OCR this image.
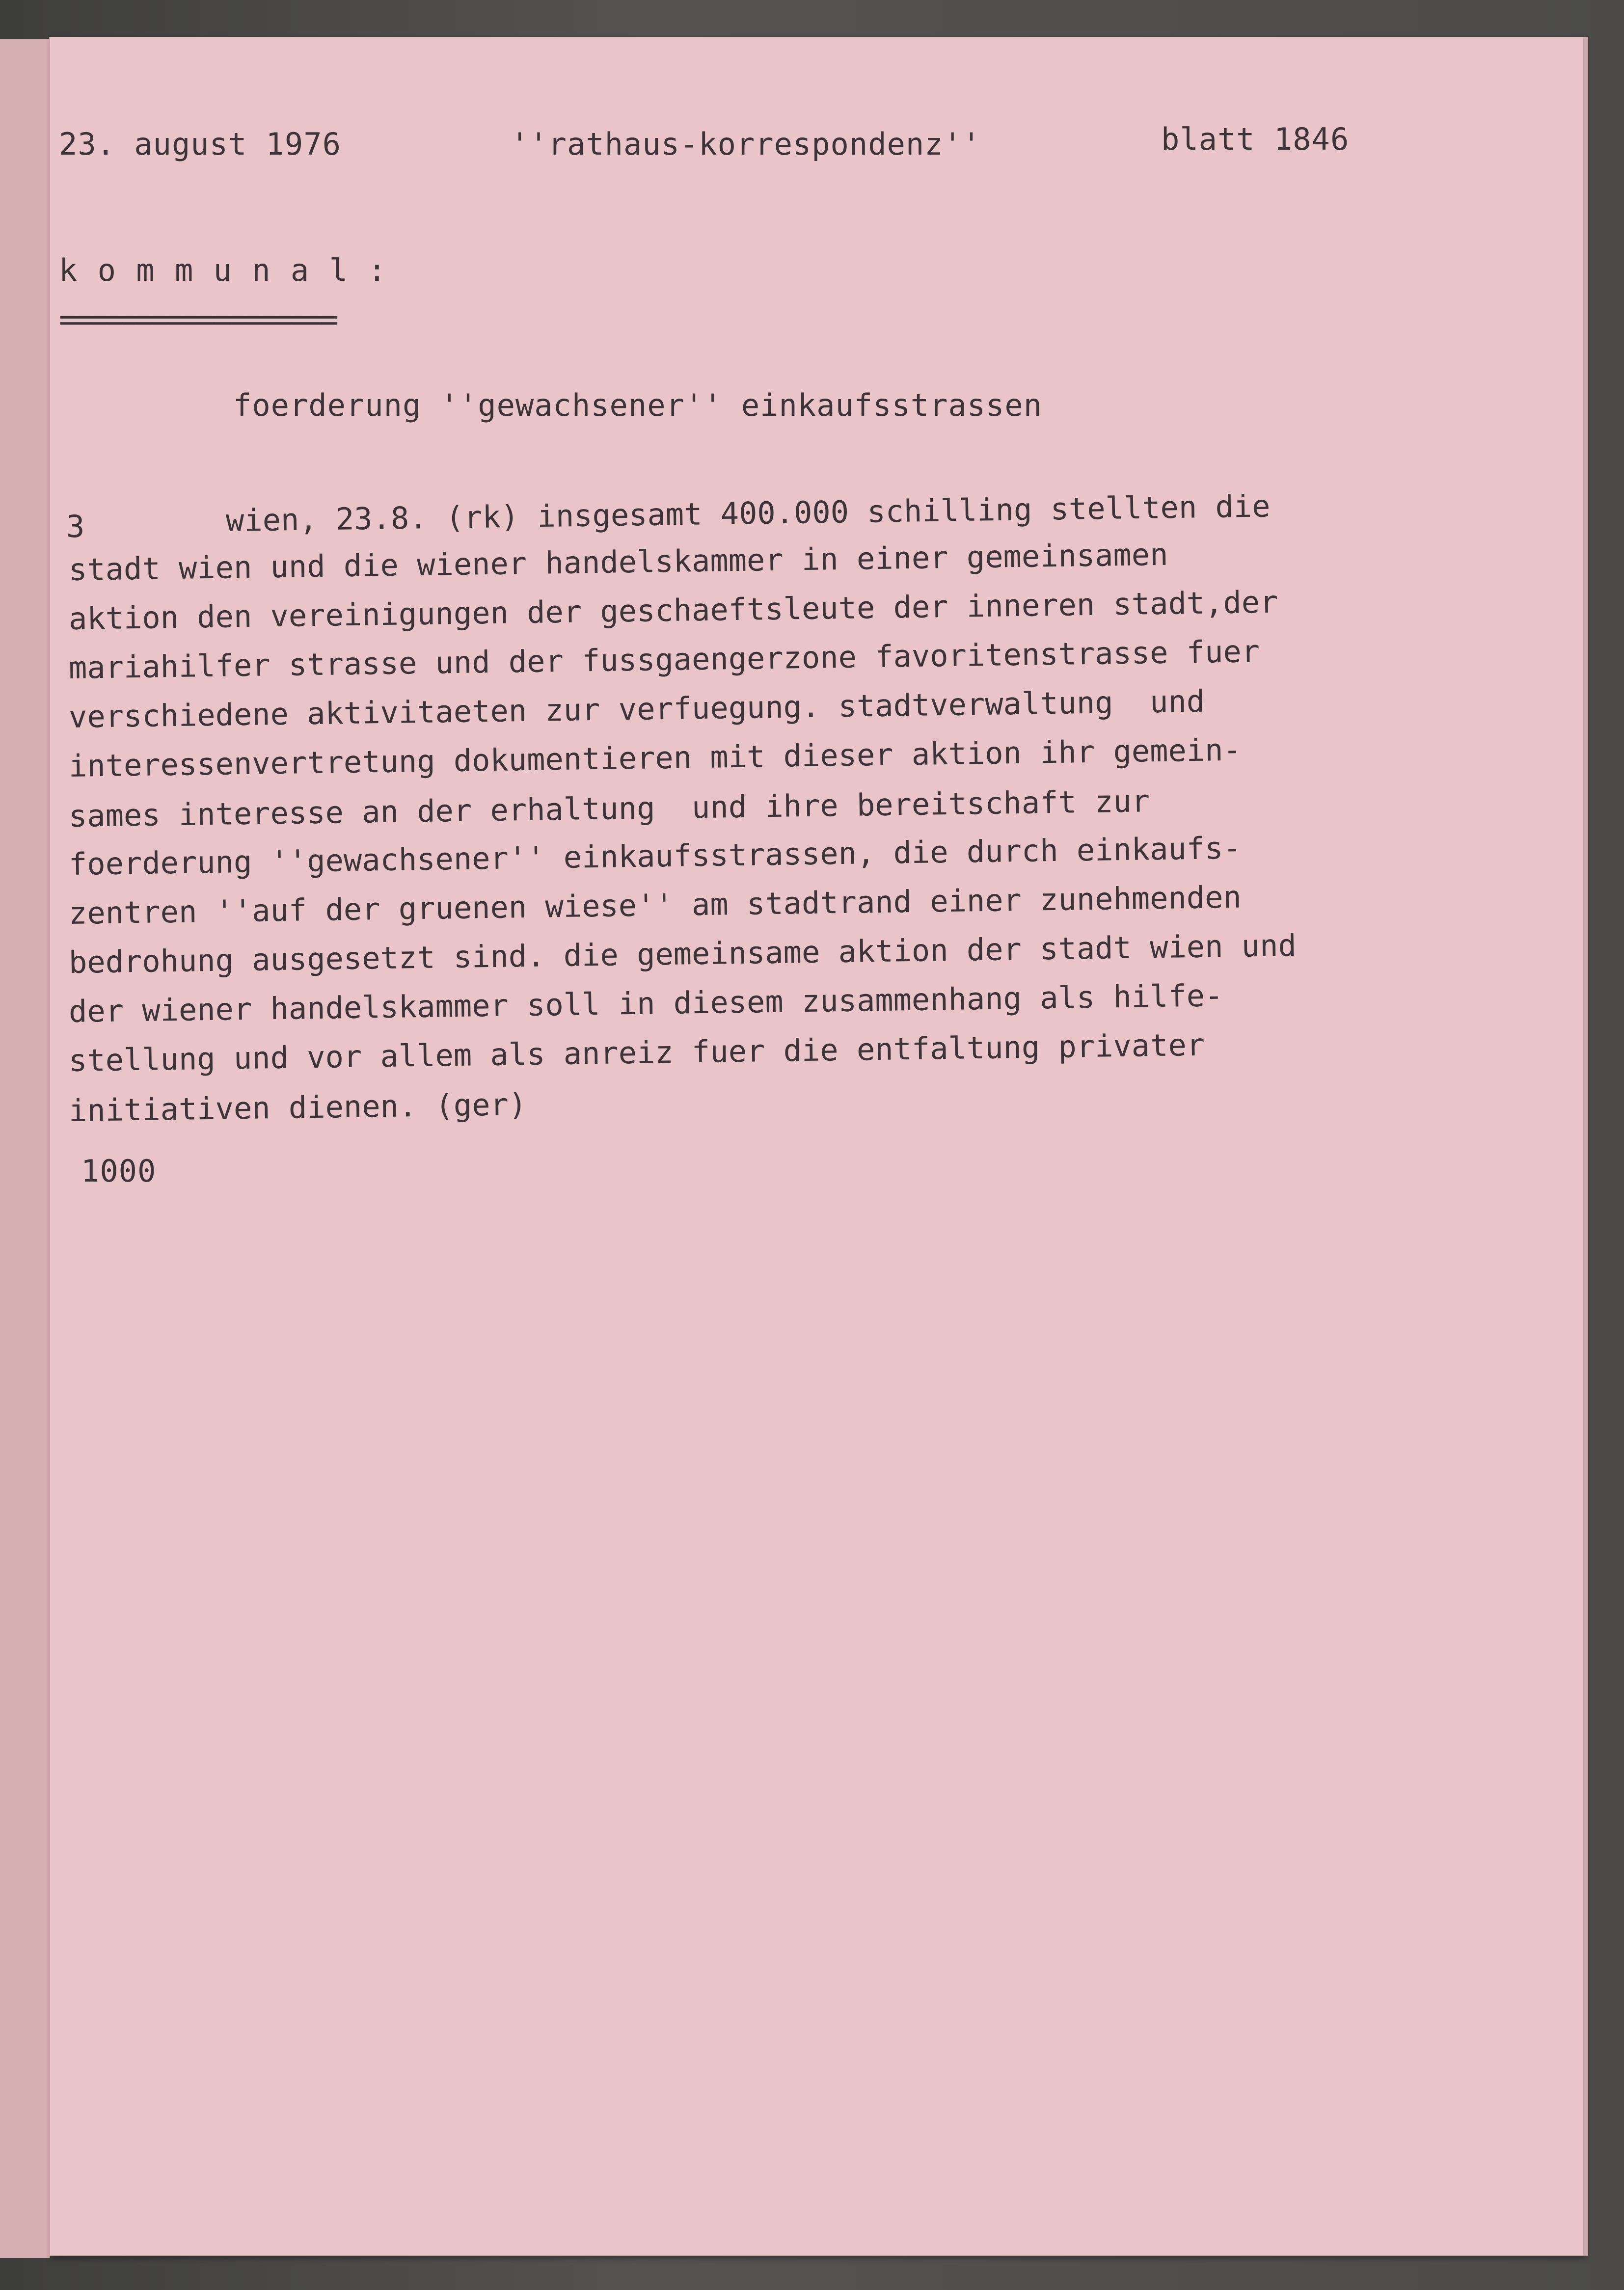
23. august 1976	''rathaus-korrespondenz''	blatt 1846
k o m m u n a l :
==================
foerderung ''gewachsener'' einkaufsstrassen
3	wien, 23.8. (rk) insgesamt 400.000 schilling stellten die
stadt wien und die wiener handelskammer in einer gemeinsamen
aktion den vereinigungen der geschaeftsleute der inneren stadt,der
mariahilfer strasse und der fussgaengerzone favoritenstrasse fuer
verschiedene aktivitaeten zur verfuegung. stadtverwaltung  und
interessenvertretung dokumentieren mit dieser aktion ihr gemein-
sames interesse an der erhaltung  und ihre bereitschaft zur
foerderung ''gewachsener'' einkaufsstrassen, die durch einkaufs-
zentren ''auf der gruenen wiese'' am stadtrand einer zunehmenden
bedrohung ausgesetzt sind. die gemeinsame aktion der stadt wien und
der wiener handelskammer soll in diesem zusammenhang als hilfe-
stellung und vor allem als anreiz fuer die entfaltung privater
initiativen dienen. (ger)
1000
